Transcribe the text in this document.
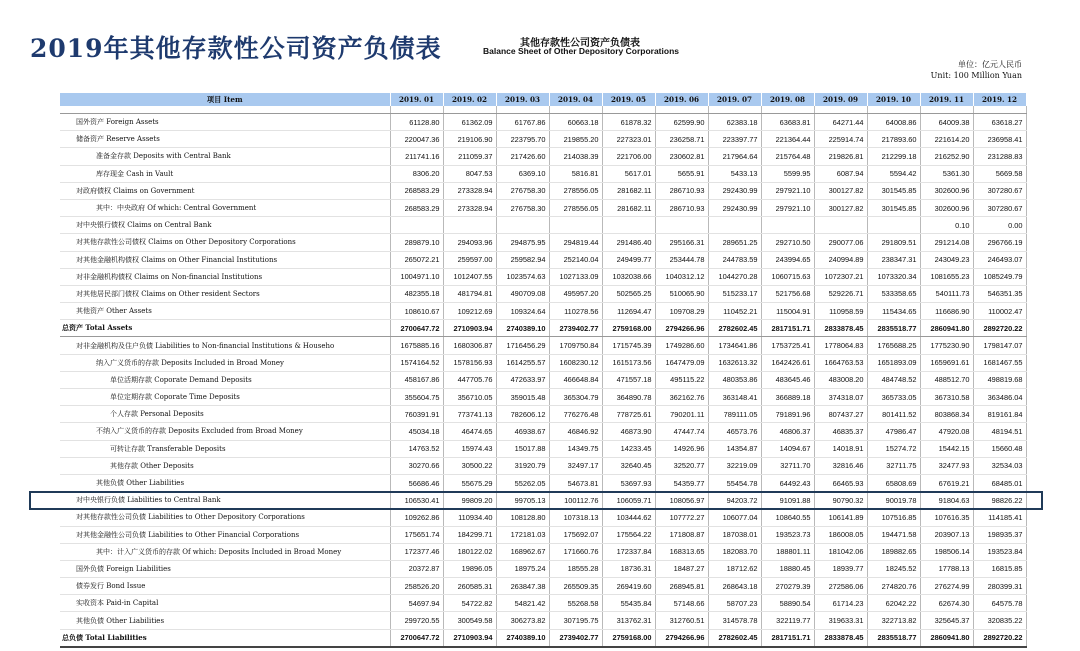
2019年其他存款性公司资产负债表	其他存款性公司资产负债表
Balance Sheet of Other Depository Corporations
单位：亿元人民币
Unit: 100 Million Yuan
项目 Item	2019. 01	2019. 02	2019. 03	2019. 04	2019. 05	2019. 06	2019. 07	2019. 08	2019. 09	2019. 10	2019. 11	2019. 12

国外资产 Foreign Assets	61128.80	61362.09	61767.86	60663.18	61878.32	62599.90	62383.18	63683.81	64271.44	64008.86	64009.38	63618.27
储备资产 Reserve Assets	220047.36	219106.90	223795.70	219855.20	227323.01	236258.71	223397.77	221364.44	225914.74	217893.60	221614.20	236958.41
准备金存款 Deposits with Central Bank	211741.16	211059.37	217426.60	214038.39	221706.00	230602.81	217964.64	215764.48	219826.81	212299.18	216252.90	231288.83
库存现金 Cash in Vault	8306.20	8047.53	6369.10	5816.81	5617.01	5655.91	5433.13	5599.95	6087.94	5594.42	5361.30	5669.58
对政府债权 Claims on Government	268583.29	273328.94	276758.30	278556.05	281682.11	286710.93	292430.99	297921.10	300127.82	301545.85	302600.96	307280.67
其中：中央政府 Of which: Central Government	268583.29	273328.94	276758.30	278556.05	281682.11	286710.93	292430.99	297921.10	300127.82	301545.85	302600.96	307280.67
对中央银行债权 Claims on Central Bank											0.10	0.00
对其他存款性公司债权 Claims on Other Depository Corporations	289879.10	294093.96	294875.95	294819.44	291486.40	295166.31	289651.25	292710.50	290077.06	291809.51	291214.08	296766.19
对其他金融机构债权 Claims on Other Financial Institutions	265072.21	259597.00	259582.94	252140.04	249499.77	253444.78	244783.59	243994.65	240994.89	238347.31	243049.23	246493.07
对非金融机构债权 Claims on Non-financial Institutions	1004971.10	1012407.55	1023574.63	1027133.09	1032038.66	1040312.12	1044270.28	1060715.63	1072307.21	1073320.34	1081655.23	1085249.79
对其他居民部门债权 Claims on Other resident Sectors	482355.18	481794.81	490709.08	495957.20	502565.25	510065.90	515233.17	521756.68	529226.71	533358.65	540111.73	546351.35
其他资产 Other Assets	108610.67	109212.69	109324.64	110278.56	112694.47	109708.29	110452.21	115004.91	110958.59	115434.65	116686.90	110002.47
总资产 Total Assets	2700647.72	2710903.94	2740389.10	2739402.77	2759168.00	2794266.96	2782602.45	2817151.71	2833878.45	2835518.77	2860941.80	2892720.22
对非金融机构及住户负债 Liabilities to Non-financial Institutions & Househo	1675885.16	1680306.87	1716456.29	1709750.84	1715745.39	1749286.60	1734641.86	1753725.41	1778064.83	1765688.25	1775230.90	1798147.07
纳入广义货币的存款 Deposits Included in Broad Money	1574164.52	1578156.93	1614255.57	1608230.12	1615173.56	1647479.09	1632613.32	1642426.61	1664763.53	1651893.09	1659691.61	1681467.55
单位活期存款 Coporate Demand Deposits	458167.86	447705.76	472633.97	466648.84	471557.18	495115.22	480353.86	483645.46	483008.20	484748.52	488512.70	498819.68
单位定期存款 Coporate Time Deposits	355604.75	356710.05	359015.48	365304.79	364890.78	362162.76	363148.41	366889.18	374318.07	365733.05	367310.58	363486.04
个人存款 Personal Deposits	760391.91	773741.13	782606.12	776276.48	778725.61	790201.11	789111.05	791891.96	807437.27	801411.52	803868.34	819161.84
不纳入广义货币的存款 Deposits Excluded from Broad Money	45034.18	46474.65	46938.67	46846.92	46873.90	47447.74	46573.76	46806.37	46835.37	47986.47	47920.08	48194.51
可转让存款 Transferable Deposits	14763.52	15974.43	15017.88	14349.75	14233.45	14926.96	14354.87	14094.67	14018.91	15274.72	15442.15	15660.48
其他存款 Other Deposits	30270.66	30500.22	31920.79	32497.17	32640.45	32520.77	32219.09	32711.70	32816.46	32711.75	32477.93	32534.03
其他负债 Other Liabilities	56686.46	55675.29	55262.05	54673.81	53697.93	54359.77	55454.78	64492.43	66465.93	65808.69	67619.21	68485.01
对中央银行负债 Liabilities to Central Bank	106530.41	99809.20	99705.13	100112.76	106059.71	108056.97	94203.72	91091.88	90790.32	90019.78	91804.63	98826.22
对其他存款性公司负债 Liabilities to Other Depository Corporations	109262.86	110934.40	108128.80	107318.13	103444.62	107772.27	106077.04	108640.55	106141.89	107516.85	107616.35	114185.41
对其他金融性公司负债 Liabilities to Other Financial Corporations	175651.74	184299.71	172181.03	175692.07	175564.22	171808.87	187038.01	193523.73	186008.05	194471.58	203907.13	198935.37
其中：计入广义货币的存款 Of which: Deposits Included in Broad Money	172377.46	180122.02	168962.67	171660.76	172337.84	168313.65	182083.70	188801.11	181042.06	189882.65	198506.14	193523.84
国外负债 Foreign Liabilities	20372.87	19896.05	18975.24	18555.28	18736.31	18487.27	18712.62	18880.45	18939.77	18245.52	17788.13	16815.85
债券发行 Bond Issue	258526.20	260585.31	263847.38	265509.35	269419.60	268945.81	268643.18	270279.39	272586.06	274820.76	276274.99	280399.31
实收资本 Paid-in Capital	54697.94	54722.82	54821.42	55268.58	55435.84	57148.66	58707.23	58890.54	61714.23	62042.22	62674.30	64575.78
其他负债 Other Liabilities	299720.55	300549.58	306273.82	307195.75	313762.31	312760.51	314578.78	322119.77	319633.31	322713.82	325645.37	320835.22
总负债 Total Liabilities	2700647.72	2710903.94	2740389.10	2739402.77	2759168.00	2794266.96	2782602.45	2817151.71	2833878.45	2835518.77	2860941.80	2892720.22
